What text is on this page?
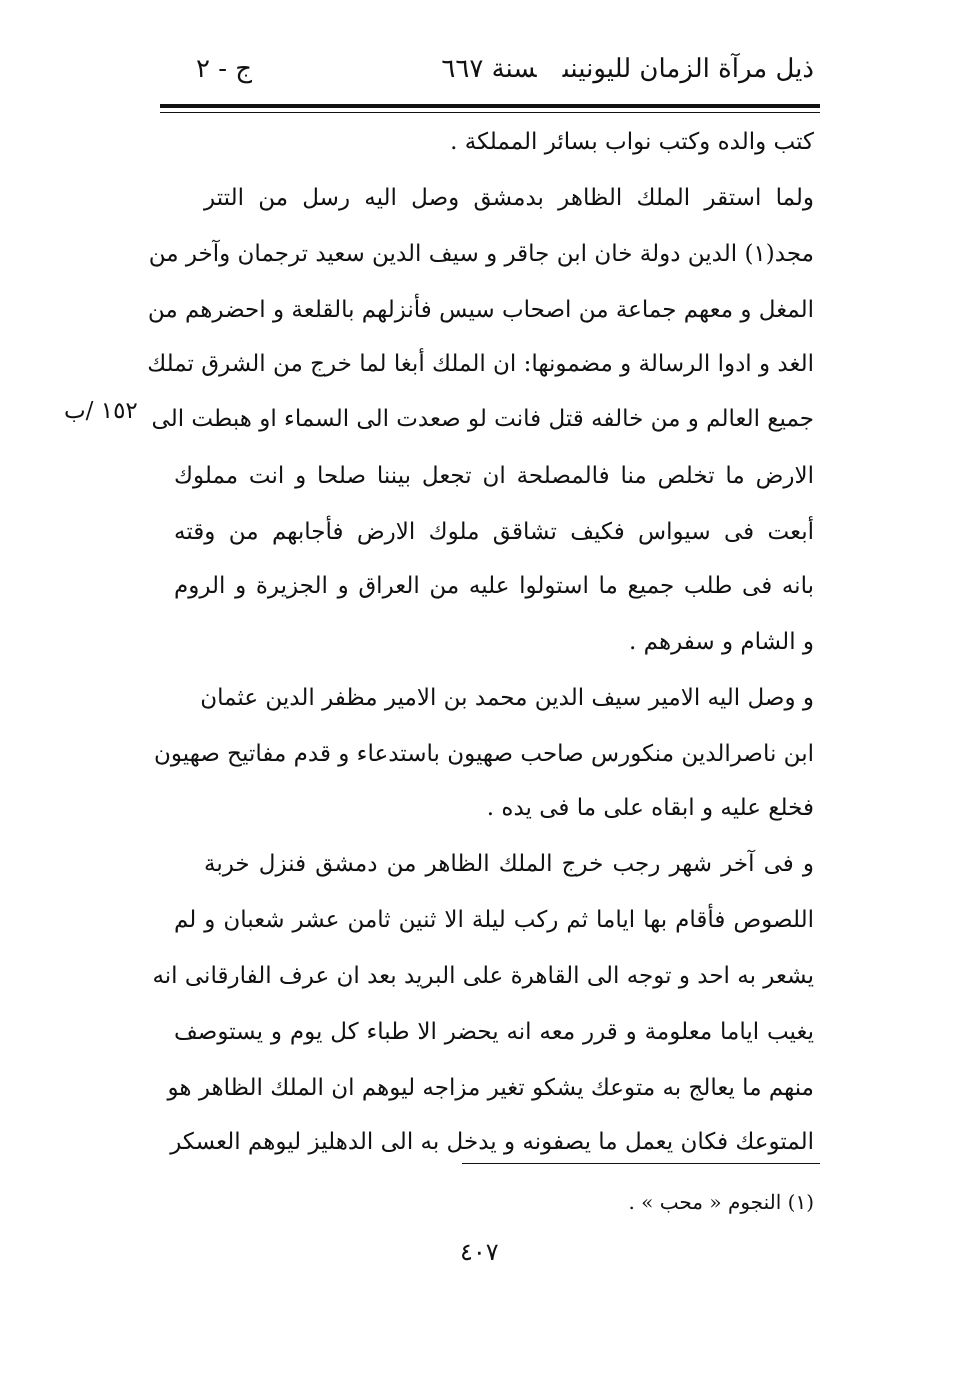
ذيل مرآة الزمان لليونينىسنة ٦٦٧
ج - ٢
كتب والده وكتب نواب بسائر المملكة .
ولما استقر الملك الظاهر بدمشق وصل اليه رسل من التتر
مجد(١) الدين دولة خان ابن جاقر و سيف الدين سعيد ترجمان وآخر من
المغل و معهم جماعة من اصحاب سيس فأنزلهم بالقلعة و احضرهم من
الغد و ادوا الرسالة و مضمونها: ان الملك أبغا لما خرج من الشرق تملك
جميع العالم و من خالفه قتل فانت لو صعدت الى السماء او هبطت الى
الارض ما تخلص منا فالمصلحة ان تجعل بيننا صلحا و انت مملوك
أبعت فى سيواس فكيف تشاقق ملوك الارض فأجابهم من وقته
بانه فى طلب جميع ما استولوا عليه من العراق و الجزيرة و الروم
و الشام و سفرهم .
و وصل اليه الامير سيف الدين محمد بن الامير مظفر الدين عثمان
ابن ناصرالدين منكورس صاحب صهيون باستدعاء و قدم مفاتيح صهيون
فخلع عليه و ابقاه على ما فى يده .
و فى آخر شهر رجب خرج الملك الظاهر من دمشق فنزل خربة
اللصوص فأقام بها اياما ثم ركب ليلة الا ثنين ثامن عشر شعبان و لم
يشعر به احد و توجه الى القاهرة على البريد بعد ان عرف الفارقانى انه
يغيب اياما معلومة و قرر معه انه يحضر الا طباء كل يوم و يستوصف
منهم ما يعالج به متوعك يشكو تغير مزاجه ليوهم ان الملك الظاهر هو
المتوعك فكان يعمل ما يصفونه و يدخل به الى الدهليز ليوهم العسكر
١٥٢ /ب
(١) النجوم « محب » .
٤٠٧
